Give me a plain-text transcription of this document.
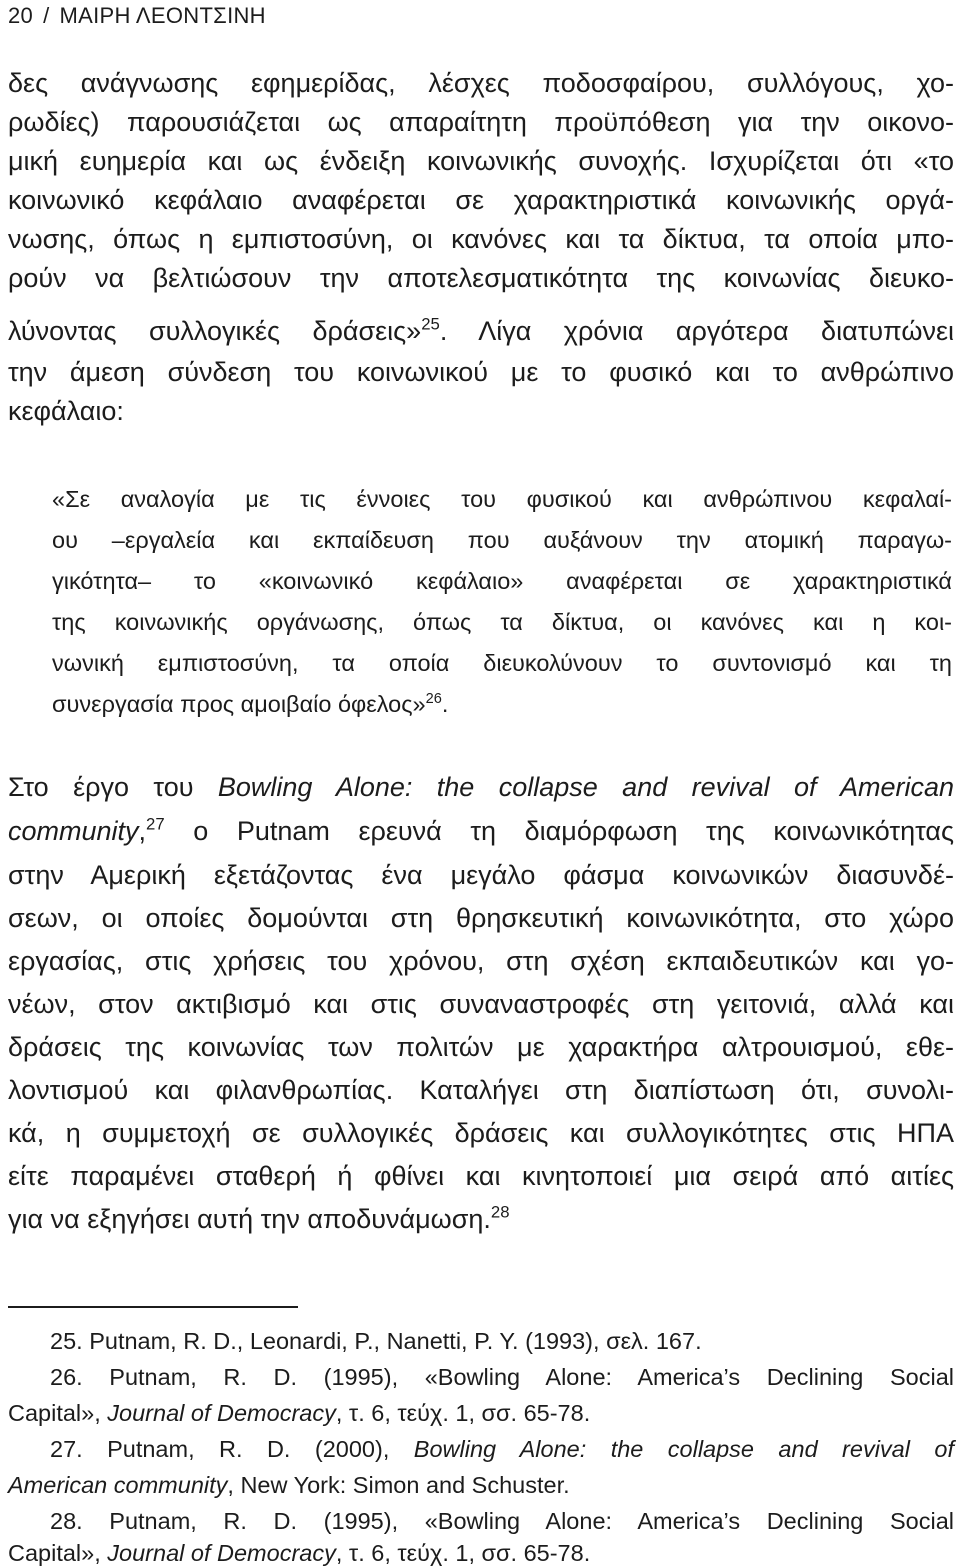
20 / ΜΑΙΡΗ ΛΕΟΝΤΣΙΝΗ
δες ανάγνωσης εφημερίδας, λέσχες ποδοσφαίρου, συλλόγους, χο-
ρωδίες) παρουσιάζεται ως απαραίτητη προϋπόθεση για την οικονο-
μική ευημερία και ως ένδειξη κοινωνικής συνοχής. Ισχυρίζεται ότι «το
κοινωνικό κεφάλαιο αναφέρεται σε χαρακτηριστικά κοινωνικής οργά-
νωσης, όπως η εμπιστοσύνη, οι κανόνες και τα δίκτυα, τα οποία μπο-
ρούν να βελτιώσουν την αποτελεσματικότητα της κοινωνίας διευκο-
λύνοντας συλλογικές δράσεις»$^{25}$. Λίγα χρόνια αργότερα διατυπώνει
την άμεση σύνδεση του κοινωνικού με το φυσικό και το ανθρώπινο
κεφάλαιο:
«Σε αναλογία με τις έννοιες του φυσικού και ανθρώπινου κεφαλαί-
ου –εργαλεία και εκπαίδευση που αυξάνουν την ατομική παραγω-
γικότητα– το «κοινωνικό κεφάλαιο» αναφέρεται σε χαρακτηριστικά
της κοινωνικής οργάνωσης, όπως τα δίκτυα, οι κανόνες και η κοι-
νωνική εμπιστοσύνη, τα οποία διευκολύνουν το συντονισμό και τη
συνεργασία προς αμοιβαίο όφελος»$^{26}$.
Στο έργο του Bowling Alone: the collapse and revival of American
community,$^{27}$ ο Putnam ερευνά τη διαμόρφωση της κοινωνικότητας
στην Αμερική εξετάζοντας ένα μεγάλο φάσμα κοινωνικών διασυνδέ-
σεων, οι οποίες δομούνται στη θρησκευτική κοινωνικότητα, στο χώρο
εργασίας, στις χρήσεις του χρόνου, στη σχέση εκπαιδευτικών και γο-
νέων, στον ακτιβισμό και στις συναναστροφές στη γειτονιά, αλλά και
δράσεις της κοινωνίας των πολιτών με χαρακτήρα αλτρουισμού, εθε-
λοντισμού και φιλανθρωπίας. Καταλήγει στη διαπίστωση ότι, συνολι-
κά, η συμμετοχή σε συλλογικές δράσεις και συλλογικότητες στις ΗΠΑ
είτε παραμένει σταθερή ή φθίνει και κινητοποιεί μια σειρά από αιτίες
για να εξηγήσει αυτή την αποδυνάμωση.$^{28}$
25. Putnam, R. D., Leonardi, P., Nanetti, P. Y. (1993), σελ. 167.
26. Putnam, R. D. (1995), «Bowling Alone: America’s Declining Social
Capital», Journal of Democracy, τ. 6, τεύχ. 1, σσ. 65-78.
27. Putnam, R. D. (2000), Bowling Alone: the collapse and revival of
American community, New York: Simon and Schuster.
28. Putnam, R. D. (1995), «Bowling Alone: America’s Declining Social
Capital», Journal of Democracy, τ. 6, τεύχ. 1, σσ. 65-78.
